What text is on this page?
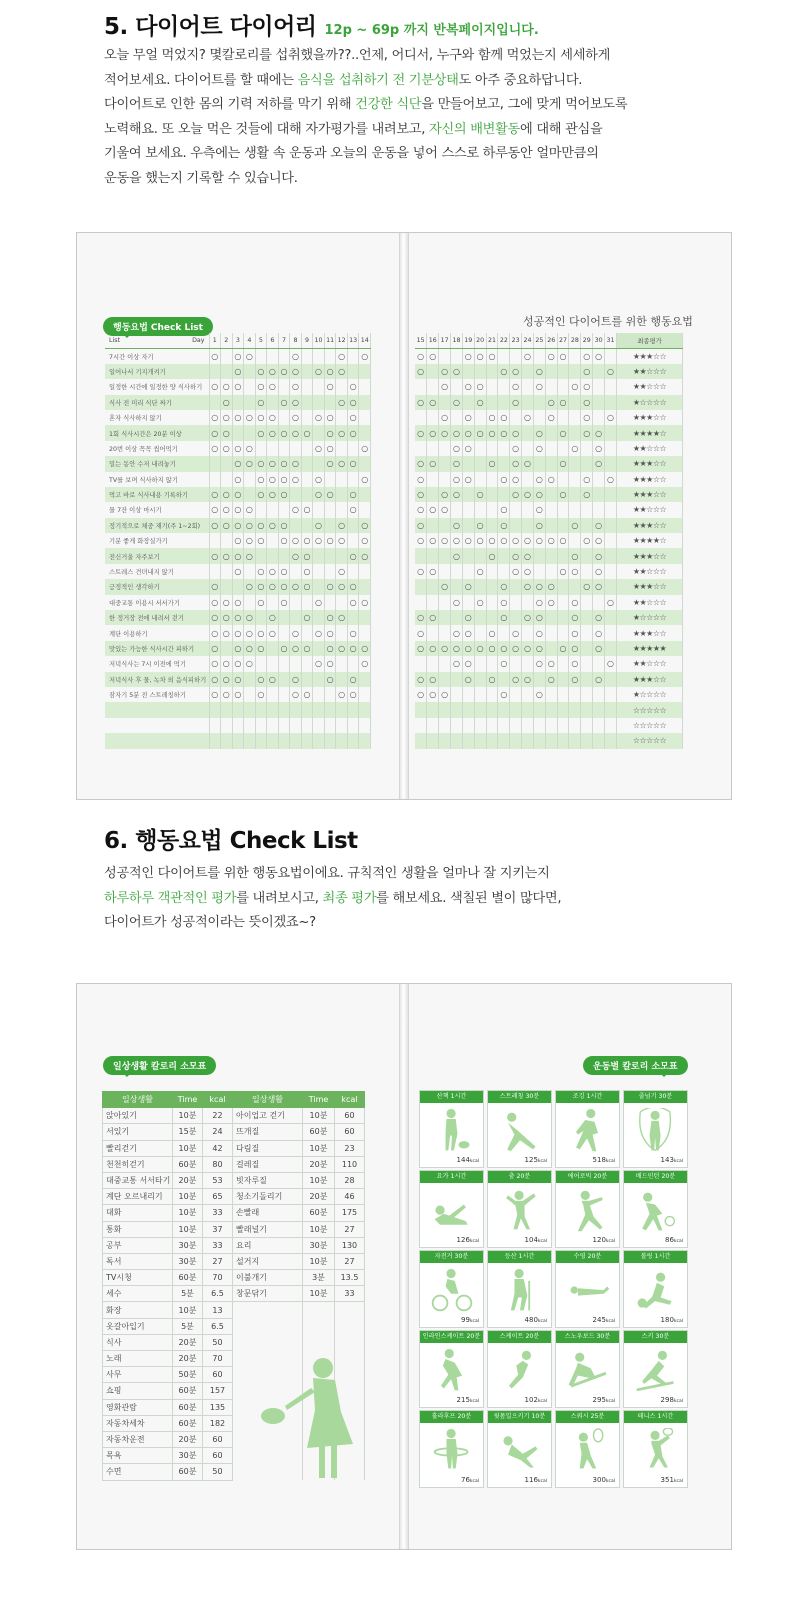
5. 다이어트 다이어리 12p ~ 69p 까지 반복페이지입니다.
오늘 무얼 먹었지? 몇칼로리를 섭취했을까??..언제, 어디서, 누구와 함께 먹었는지 세세하게
적어보세요. 다이어트를 할 때에는 음식을 섭취하기 전 기분상태도 아주 중요하답니다.
다이어트로 인한 몸의 기력 저하를 막기 위해 건강한 식단을 만들어보고, 그에 맞게 먹어보도록
노력해요. 또 오늘 먹은 것들에 대해 자가평가를 내려보고, 자신의 배변활동에 대해 관심을
기울여 보세요. 우측에는 생활 속 운동과 오늘의 운동을 넣어 스스로 하루동안 얼마만큼의
운동을 했는지 기록할 수 있습니다.
행동요법 Check List	성공적인 다이어트를 위한 행동요법
List Day	1	2	3	4	5	6	7	8	9	10	11	12	13	14
7시간 이상 자기	○		○	○				○				○		○
일어나서 기지개켜기			○		○	○	○	○		○	○	○		
일정한 시간에 일정한 양 식사하기	○	○	○		○	○		○			○		○	
식사 전 미리 식단 짜기		○			○		○	○				○	○	
혼자 식사하지 않기	○	○	○	○	○	○		○		○	○		○	
1회 식사시간은 20분 이상	○	○			○	○	○	○	○		○	○	○	
20번 이상 꼭꼭 씹어먹기	○	○	○	○						○	○			○
밀는 동안 수저 내려놓기			○	○	○	○	○	○			○	○	○	
TV를 보며 식사하지 않기			○		○	○	○	○		○				○
먹고 바로 식사내용 기록하기	○	○	○		○	○	○			○	○		○	
물 7잔 이상 마시기	○	○	○	○				○	○				○	
정기적으로 체중 재기(주 1~2회)	○	○	○	○	○	○	○			○		○		○
기분 좋게 화장실가기			○	○	○		○	○	○	○	○	○		○
전신거울 자주보기	○	○	○	○				○	○				○	○
스트레스 견뎌내지 않기			○		○	○	○		○			○		
긍정적인 생각하기	○			○	○	○	○	○	○		○	○	○	
대중교통 이용시 서서가기	○	○	○		○		○			○			○	○
한 정거장 전에 내려서 걷기	○	○	○	○		○			○		○	○		
계단 이용하기	○	○	○	○	○	○		○		○	○		○	
맛있는 가능한 식사시간 피하기	○		○	○	○		○	○	○		○	○	○	○
저녁식사는 7시 이전에 먹기	○	○	○	○						○	○			○
저녁식사 후 물, 녹차 외 음식피하기	○	○	○		○	○		○			○		○	
잠자기 5분 전 스트레칭하기	○	○	○		○			○	○			○	○	

15	16	17	18	19	20	21	22	23	24	25	26	27	28	29	30	31	최종평가
○	○			○	○	○			○		○	○		○	○		★★★☆☆
○		○	○				○	○		○				○		○	★★☆☆☆
		○		○	○			○		○			○	○			★★☆☆☆
○	○		○		○			○			○	○		○			★☆☆☆☆
		○		○		○	○		○		○			○		○	★★★☆☆
○	○	○	○	○	○	○	○	○		○		○		○	○		★★★★☆
			○	○				○		○			○		○		★★☆☆☆
○	○		○			○		○	○			○			○		★★★☆☆
○			○	○			○	○		○	○			○		○	★★★☆☆
○		○	○		○			○	○	○		○		○			★★★☆☆
○	○	○					○			○							★★☆☆☆
○			○		○		○			○			○		○		★★★☆☆
○	○	○	○	○	○	○	○	○	○	○	○	○		○	○		★★★★☆
			○			○		○	○				○		○		★★★☆☆
○	○				○			○	○			○	○		○		★★☆☆☆
		○		○			○		○	○	○			○	○		★★★☆☆
			○		○		○			○	○		○			○	★★☆☆☆
○	○			○			○		○	○			○		○		★☆☆☆☆
○			○	○		○		○		○			○		○		★★★☆☆
○	○	○	○	○	○	○	○	○	○	○		○	○		○		★★★★★
			○	○			○			○	○		○			○	★★☆☆☆
○	○			○		○		○	○		○		○		○		★★★☆☆
○	○	○					○			○							★☆☆☆☆
																	☆☆☆☆☆
																	☆☆☆☆☆
																	☆☆☆☆☆
6. 행동요법 Check List
성공적인 다이어트를 위한 행동요법이에요. 규칙적인 생활을 얼마나 잘 지키는지
하루하루 객관적인 평가를 내려보시고, 최종 평가를 해보세요. 색칠된 별이 많다면,
다이어트가 성공적이라는 뜻이겠죠~?
일상생활 칼로리 소모표	운동별 칼로리 소모표
일상생활	Time	kcal	일상생활	Time	kcal
앉아있기	10분	22	아이업고 걷기	10분	60
서있기	15분	24	뜨개질	60분	60
빨리걷기	10분	42	다림질	10분	23
천천히걷기	60분	80	걸레질	20분	110
대중교통 서서타기	20분	53	빗자루질	10분	28
계단 오르내리기	10분	65	청소기돌리기	20분	46
대화	10분	33	손빨래	60분	175
통화	10분	37	빨래널기	10분	27
공부	30분	33	요리	30분	130
독서	30분	27	설거지	10분	27
TV시청	60분	70	이불개기	3분	13.5
세수	5분	6.5	창문닦기	10분	33
화장	10분	13			
옷갈아입기	5분	6.5			
식사	20분	50			
노래	20분	70			
사무	50분	60			
쇼핑	60분	157			
영화관람	60분	135			
자동차세차	60분	182			
자동차운전	20분	60			
목욕	30분	60			
수면	60분	50			
산책 1시간
144kcal
스트레칭 30분
125kcal
조깅 1시간
518kcal
줄넘기 30분
143kcal
요가 1시간
126kcal
춤 20분
104kcal
에어로빅 20분
120kcal
배드민턴 20분
86kcal
자전거 30분
99kcal
등산 1시간
480kcal
수영 20분
245kcal
볼링 1시간
180kcal
인라인스케이트 20분
215kcal
스케이트 20분
102kcal
스노우보드 30분
295kcal
스키 30분
298kcal
훌라후프 20분
76kcal
윗몸일으키기 10분
116kcal
스쿼시 25분
300kcal
테니스 1시간
351kcal
